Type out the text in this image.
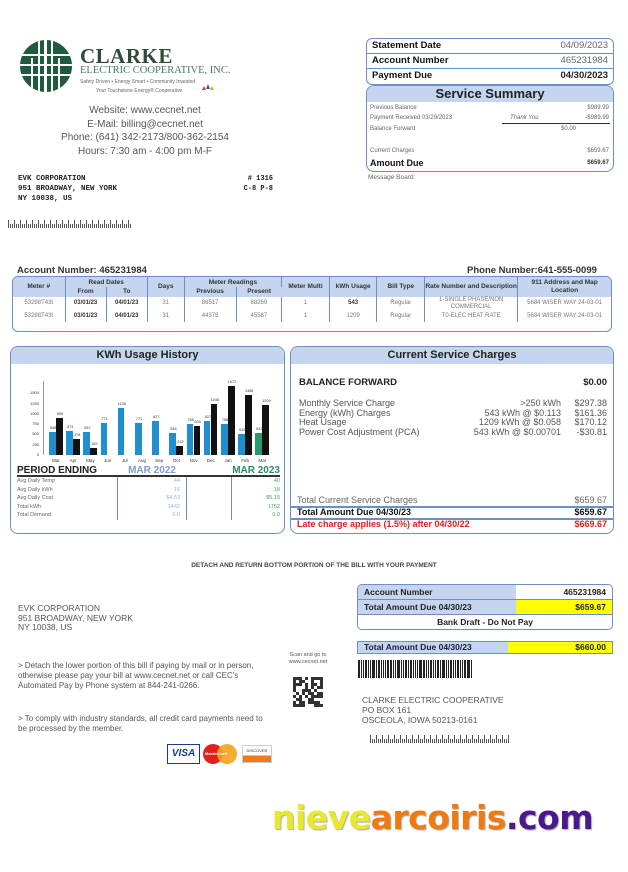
CLARKE
ELECTRIC COOPERATIVE, INC.
Safety Driven • Energy Smart • Community Invested
Your Touchstone Energy® Cooperative
Website: www.cecnet.net
E-Mail: billing@cecnet.net
Phone: (641) 342-2173/800-362-2154
Hours: 7:30 am - 4:00 pm M-F
EVK CORPORATION
951 BROADWAY, NEW YORK
NY 10038, US
# 1316
C-8 P-8
Statement Date	04/09/2023
Account Number	465231984
Payment Due	04/30/2023
Service Summary
Previous Balance	$989.99
Payment Received 03/29/2023	Thank You	-$989.99
Balance Forward	$0.00
Current Charges	$659.67
Amount Due	$659.67
Message Board:
Account Number: 465231984	Phone Number:641-555-0099
Meter #	Read Dates		Days	Meter Readings		Meter Multi	kWh Usage	Bill Type	Rate Number and Description	911 Address and Map Location
	From	To		Previous	Present					
53298T43t	03/01/23	04/01/23	31	86517	88269	1	543	Regular	1-SINGLE PHASE/NON COMMERCIAL	5684 WISER WAY 24-03-01
53298T43t	03/01/23	04/01/23	31	44378	45587	1	1209	Regular	T0-ELEC HEAT RATE	5684 WISER WAY 24-03-01
KWh Usage History
0
250
500
750
1000
1250
1500
548
895
Mar
573
378
Apr
557
182
May
771
Jun
1136
Jul
771
Aug
827
Sep
546
212
Oct
758
693
Nov
827
1246
Dec
758
1672
Jan
510
1458
Feb
543
1209
Mar
PERIOD ENDING	MAR 2022	MAR 2023
Avg Daily Temp	44	40
Avg Daily kWh	16	18
Avg Daily Cost	$4.53	$5.15
Total kWh	1442	1752
Total Demand	0.0	0.0
Current Service Charges
BALANCE FORWARD	$0.00
Monthly Service Charge	>250 kWh $297.38
Energy (kWh) Charges	543 kWh @ $0.113 $161.36
Heat Usage	1209 kWh @ $0.058 $170.12
Power Cost Adjustment (PCA)	543 kWh @ $0.00701 -$30.81
Total Current Service Charges	$659.67
Total Amount Due 04/30/23	$659.67
Late charge applies (1.5%) after 04/30/22	$669.67
DETACH AND RETURN BOTTOM PORTION OF THE BILL WITH YOUR PAYMENT
EVK CORPORATION
951 BROADWAY, NEW YORK
NY 10038, US
Account Number	465231984
Total Amount Due 04/30/23	$659.67
Bank Draft - Do Not Pay
Total Amount Due 04/30/23	$660.00
> Detach the lower portion of this bill if paying by mail or in person, otherwise please pay your bill at www.cecnet.net or call CEC's Automated Pay by Phone system at 844-241-0266.
> To comply with industry standards, all credit card payments need to be processed by the member.
Scan and go to www.cecnet.net
VISA	MasterCard
DISCOVER
CLARKE ELECTRIC COOPERATIVE
PO BOX 161
OSCEOLA, IOWA 50213-0161
nievearcoiris.com
